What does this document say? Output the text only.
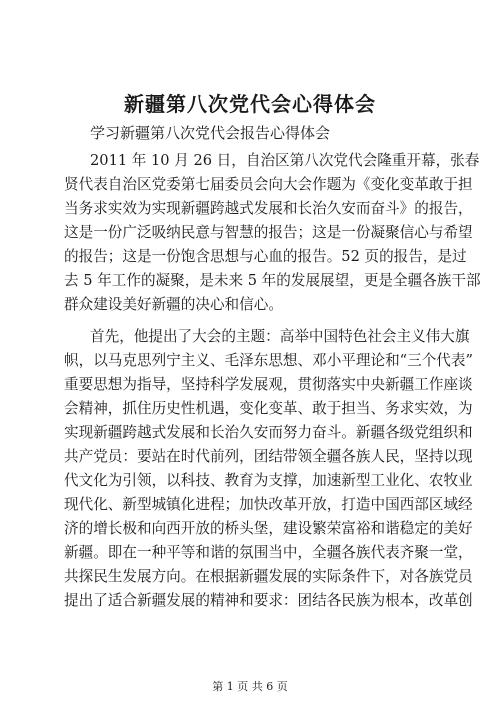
新疆第八次党代会心得体会

学习新疆第八次党代会报告心得体会

2011 年 10 月 26 日，自治区第八次党代会隆重开幕，张春
贤代表自治区党委第七届委员会向大会作题为《变化变革敢于担
当务求实效为实现新疆跨越式发展和长治久安而奋斗》的报告，
这是一份广泛吸纳民意与智慧的报告；这是一份凝聚信心与希望
的报告；这是一份饱含思想与心血的报告。52 页的报告，是过
去 5 年工作的凝聚，是未来 5 年的发展展望，更是全疆各族干部
群众建设美好新疆的决心和信心。
首先，他提出了大会的主题：高举中国特色社会主义伟大旗
帜，以马克思列宁主义、毛泽东思想、邓小平理论和“三个代表”
重要思想为指导，坚持科学发展观，贯彻落实中央新疆工作座谈
会精神，抓住历史性机遇，变化变革、敢于担当、务求实效，为
实现新疆跨越式发展和长治久安而努力奋斗。新疆各级党组织和
共产党员：要站在时代前列，团结带领全疆各族人民，坚持以现
代文化为引领，以科技、教育为支撑，加速新型工业化、农牧业
现代化、新型城镇化进程；加快改革开放，打造中国西部区域经
济的增长极和向西开放的桥头堡，建设繁荣富裕和谐稳定的美好
新疆。即在一种平等和谐的氛围当中，全疆各族代表齐聚一堂，
共探民生发展方向。在根据新疆发展的实际条件下，对各族党员
提出了适合新疆发展的精神和要求：团结各民族为根本，改革创
第 1 页 共 6 页
